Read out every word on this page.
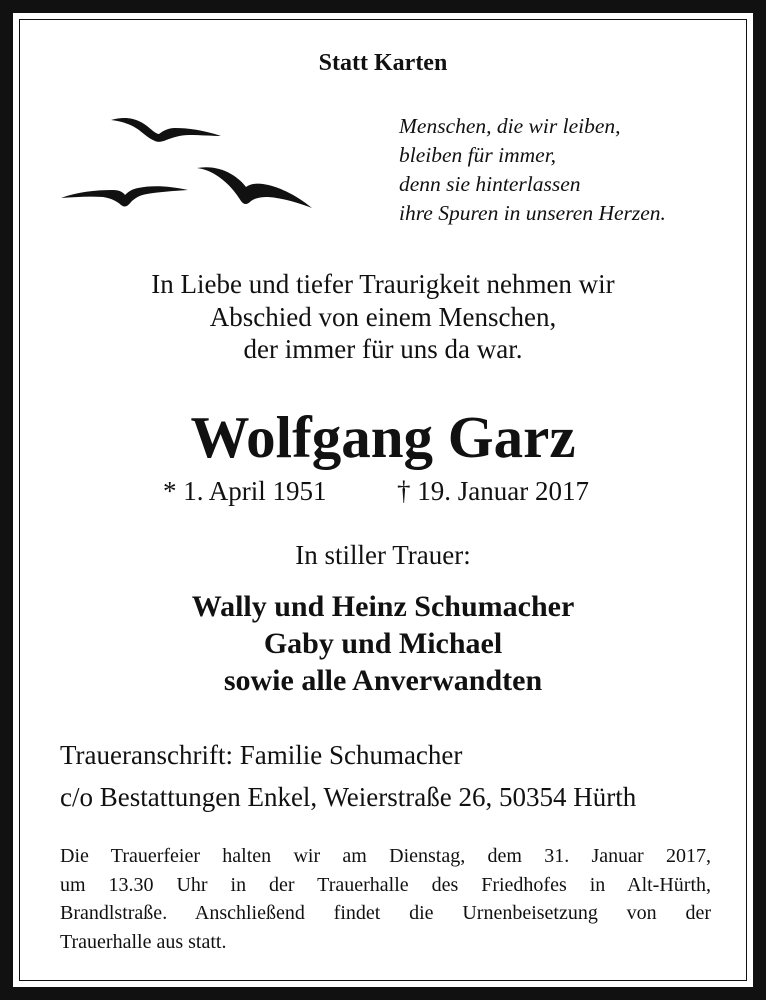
Statt Karten
Menschen, die wir leiben,
bleiben für immer,
denn sie hinterlassen
ihre Spuren in unseren Herzen.
In Liebe und tiefer Traurigkeit nehmen wir
Abschied von einem Menschen,
der immer für uns da war.
Wolfgang Garz
* 1. April 1951	† 19. Januar 2017
In stiller Trauer:
Wally und Heinz Schumacher
Gaby und Michael
sowie alle Anverwandten
Traueranschrift: Familie Schumacher
c/o Bestattungen Enkel, Weierstraße 26, 50354 Hürth
Die Trauerfeier halten wir am Dienstag, dem 31. Januar 2017,
um 13.30 Uhr in der Trauerhalle des Friedhofes in Alt-Hürth,
Brandlstraße. Anschließend findet die Urnenbeisetzung von der
Trauerhalle aus statt.
